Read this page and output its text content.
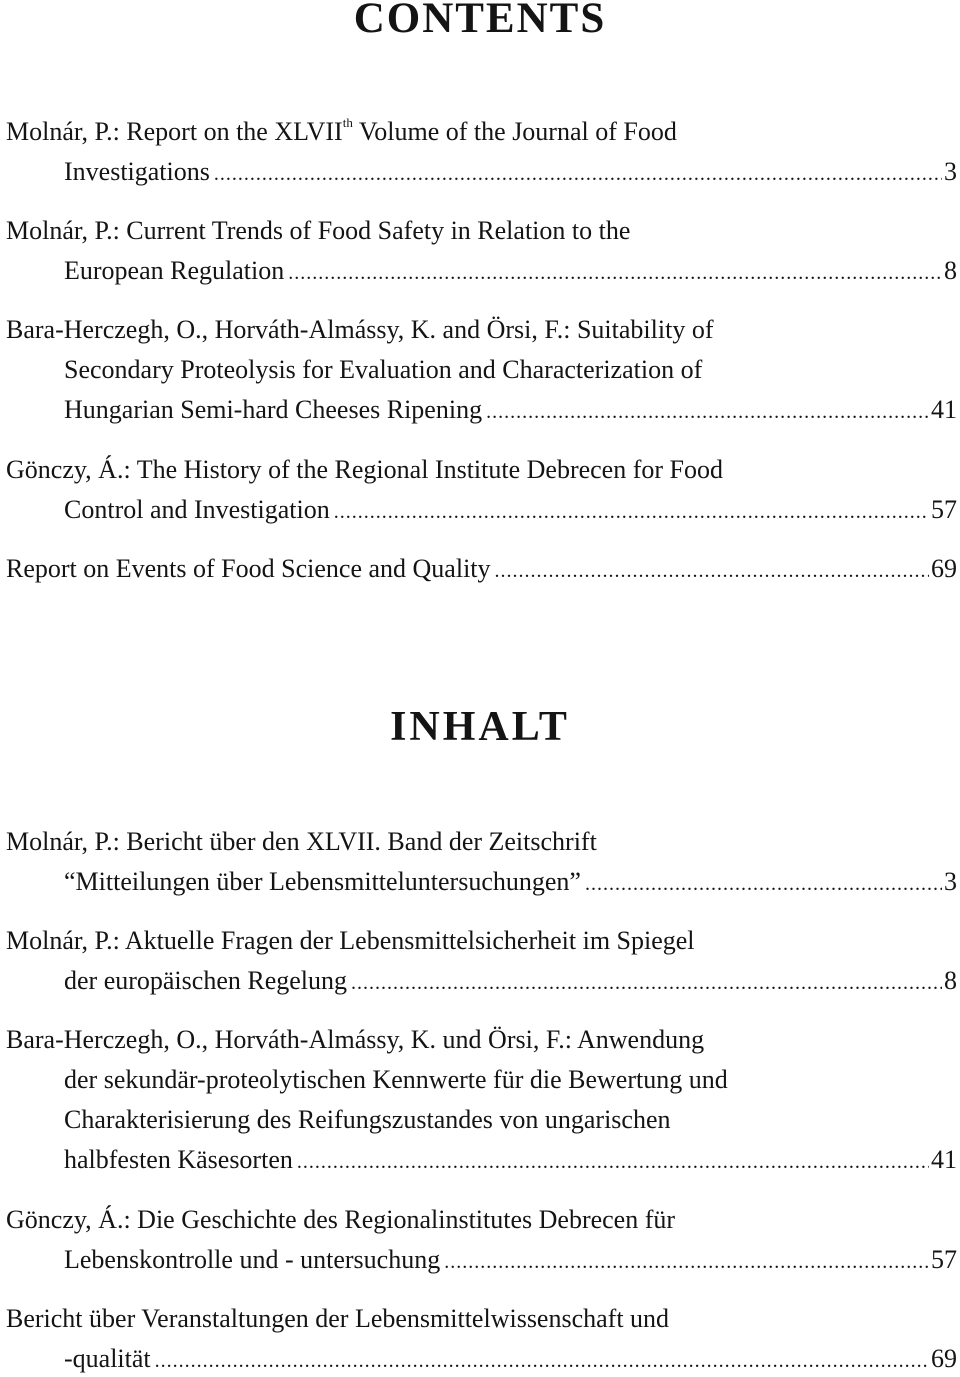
CONTENTS
Molnár, P.: Report on the XLVIIth Volume of the Journal of Food
Investigations .....	3
Molnár, P.: Current Trends of Food Safety in Relation to the
European Regulation .....	8
Bara-Herczegh, O., Horváth-Almássy, K. and Örsi, F.: Suitability of
Secondary Proteolysis for Evaluation and Characterization of
Hungarian Semi-hard Cheeses Ripening .....	41
Gönczy, Á.: The History of the Regional Institute Debrecen for Food
Control and Investigation .....	57
Report on Events of Food Science and Quality .....	69
INHALT
Molnár, P.: Bericht über den XLVII. Band der Zeitschrift
“Mitteilungen über Lebensmitteluntersuchungen” .....	3
Molnár, P.: Aktuelle Fragen der Lebensmittelsicherheit im Spiegel
der europäischen Regelung .....	8
Bara-Herczegh, O., Horváth-Almássy, K. und Örsi, F.: Anwendung
der sekundär-proteolytischen Kennwerte für die Bewertung und
Charakterisierung des Reifungszustandes von ungarischen
halbfesten Käsesorten .....	41
Gönczy, Á.: Die Geschichte des Regionalinstitutes Debrecen für
Lebenskontrolle und - untersuchung .....	57
Bericht über Veranstaltungen der Lebensmittelwissenschaft und
-qualität .....	69
